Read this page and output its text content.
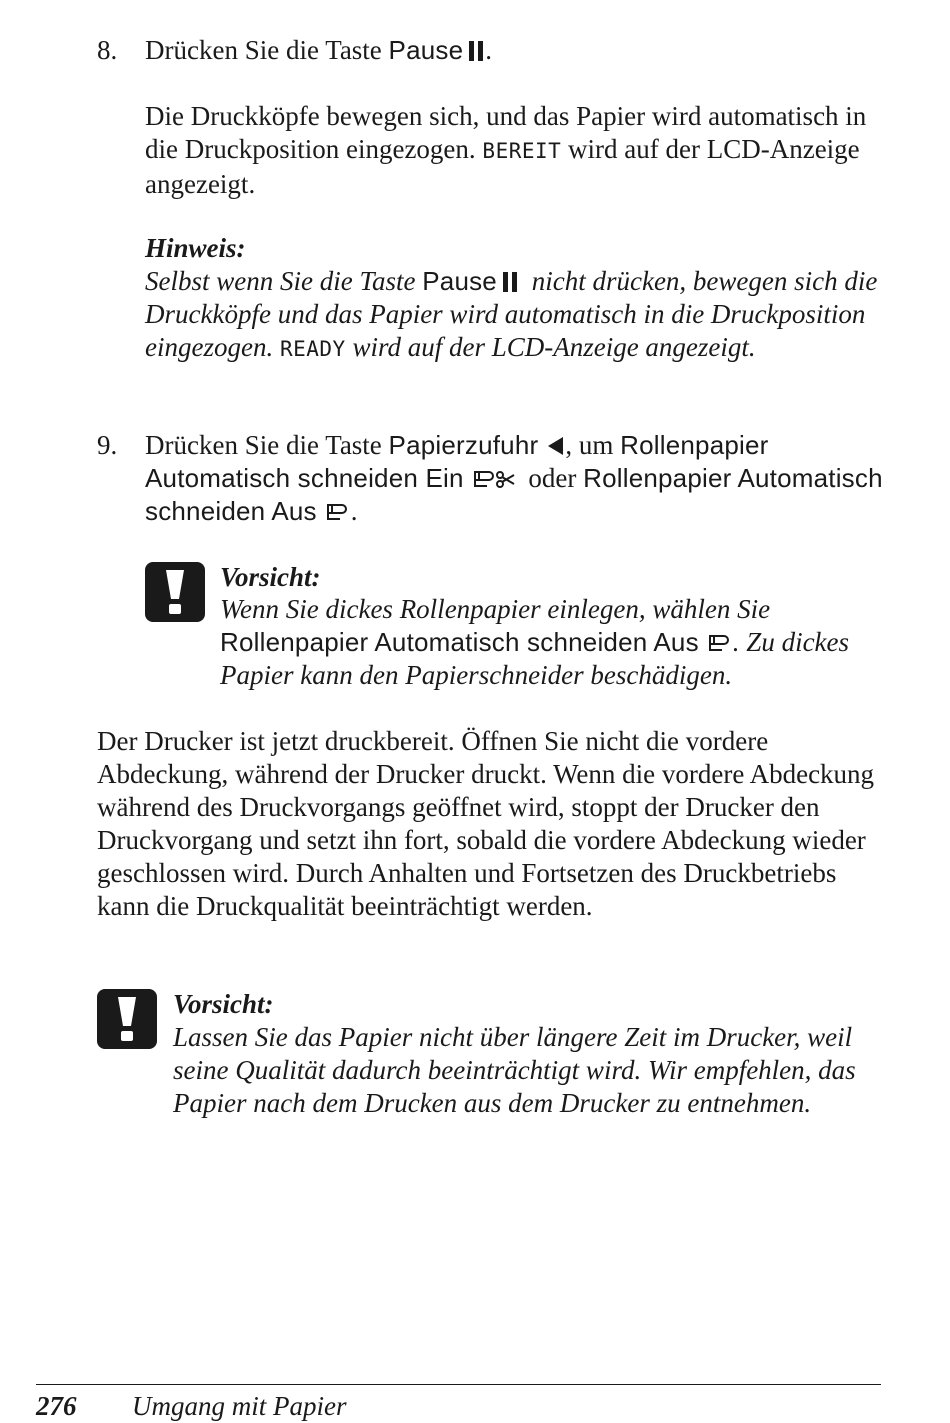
8. Drücken Sie die Taste Pause .

Die Druckköpfe bewegen sich, und das Papier wird automatisch in die Druckposition eingezogen. BEREIT wird auf der LCD-Anzeige angezeigt.

Hinweis:

Selbst wenn Sie die Taste Pause nicht drücken, bewegen sich die Druckköpfe und das Papier wird automatisch in die Druckposition eingezogen. READY wird auf der LCD-Anzeige angezeigt.

9. Drücken Sie die Taste Papierzufuhr , um Rollenpapier Automatisch schneiden Ein oder Rollenpapier Automatisch schneiden Aus .

Vorsicht:

Wenn Sie dickes Rollenpapier einlegen, wählen Sie Rollenpapier Automatisch schneiden Aus . Zu dickes Papier kann den Papierschneider beschädigen.

Der Drucker ist jetzt druckbereit. Öffnen Sie nicht die vordere Abdeckung, während der Drucker druckt. Wenn die vordere Abdeckung während des Druckvorgangs geöffnet wird, stoppt der Drucker den Druckvorgang und setzt ihn fort, sobald die vordere Abdeckung wieder geschlossen wird. Durch Anhalten und Fortsetzen des Druckbetriebs kann die Druckqualität beeinträchtigt werden.

Vorsicht:

Lassen Sie das Papier nicht über längere Zeit im Drucker, weil seine Qualität dadurch beeinträchtigt wird. Wir empfehlen, das Papier nach dem Drucken aus dem Drucker zu entnehmen.

276 Umgang mit Papier
